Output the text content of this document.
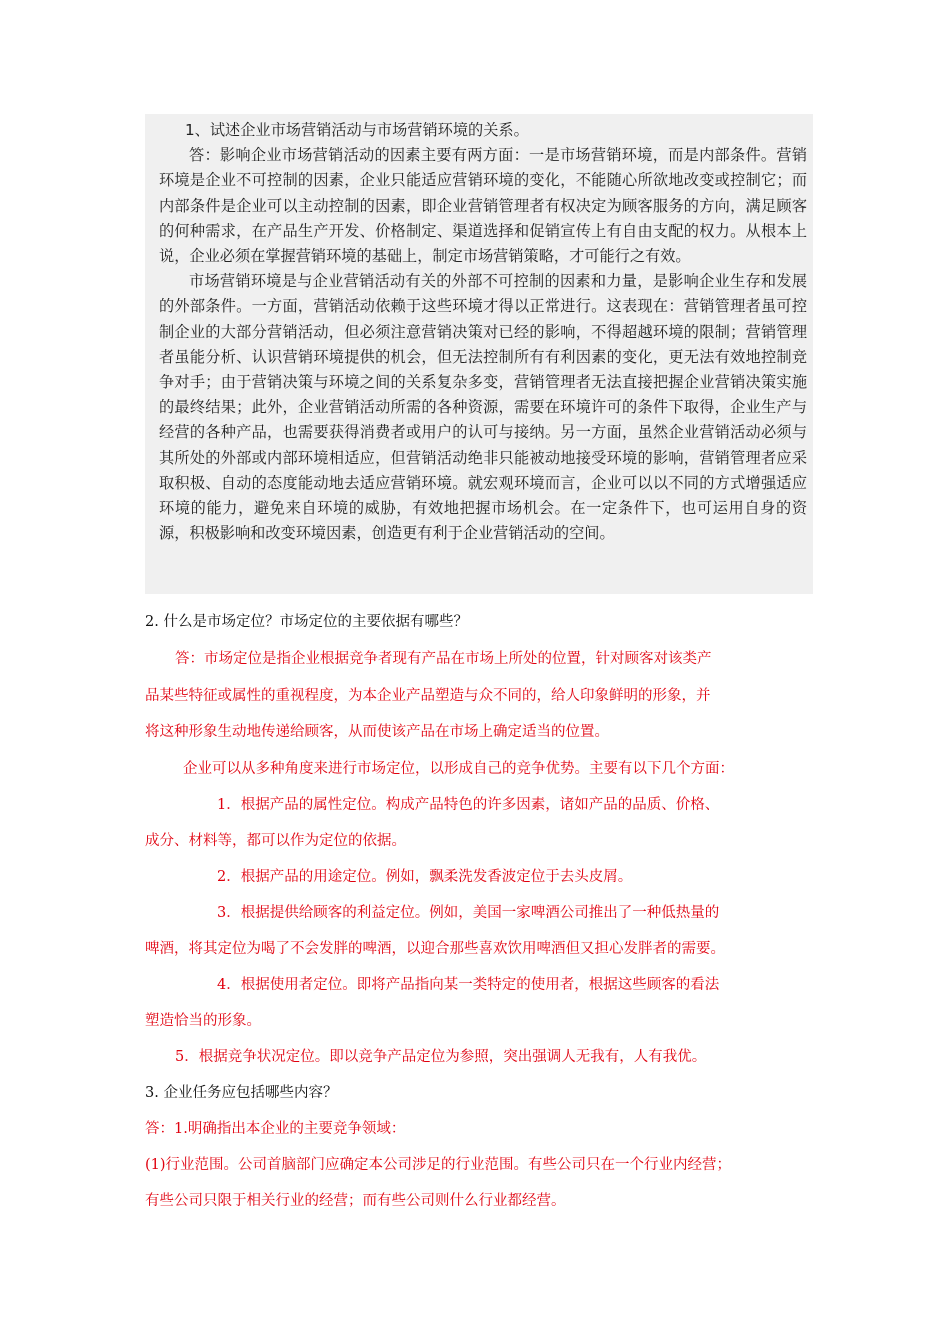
1、试述企业市场营销活动与市场营销环境的关系。

答：影响企业市场营销活动的因素主要有两方面：一是市场营销环境，而是内部条件。营销环境是企业不可控制的因素，企业只能适应营销环境的变化，不能随心所欲地改变或控制它；而内部条件是企业可以主动控制的因素，即企业营销管理者有权决定为顾客服务的方向，满足顾客的何种需求，在产品生产开发、价格制定、渠道选择和促销宣传上有自由支配的权力。从根本上说，企业必须在掌握营销环境的基础上，制定市场营销策略，才可能行之有效。

市场营销环境是与企业营销活动有关的外部不可控制的因素和力量，是影响企业生存和发展的外部条件。一方面，营销活动依赖于这些环境才得以正常进行。这表现在：营销管理者虽可控制企业的大部分营销活动，但必须注意营销决策对已经的影响，不得超越环境的限制；营销管理者虽能分析、认识营销环境提供的机会，但无法控制所有有利因素的变化，更无法有效地控制竞争对手；由于营销决策与环境之间的关系复杂多变，营销管理者无法直接把握企业营销决策实施的最终结果；此外，企业营销活动所需的各种资源，需要在环境许可的条件下取得，企业生产与经营的各种产品，也需要获得消费者或用户的认可与接纳。另一方面，虽然企业营销活动必须与其所处的外部或内部环境相适应，但营销活动绝非只能被动地接受环境的影响，营销管理者应采取积极、自动的态度能动地去适应营销环境。就宏观环境而言，企业可以以不同的方式增强适应环境的能力，避免来自环境的威胁，有效地把握市场机会。在一定条件下，也可运用自身的资源，积极影响和改变环境因素，创造更有利于企业营销活动的空间。

2. 什么是市场定位？市场定位的主要依据有哪些？
答：市场定位是指企业根据竞争者现有产品在市场上所处的位置，针对顾客对该类产
品某些特征或属性的重视程度，为本企业产品塑造与众不同的，给人印象鲜明的形象，并
将这种形象生动地传递给顾客，从而使该产品在市场上确定适当的位置。
企业可以从多种角度来进行市场定位，以形成自己的竞争优势。主要有以下几个方面：
1．根据产品的属性定位。构成产品特色的许多因素，诸如产品的品质、价格、
成分、材料等，都可以作为定位的依据。
2．根据产品的用途定位。例如，飘柔洗发香波定位于去头皮屑。
3．根据提供给顾客的利益定位。例如，美国一家啤酒公司推出了一种低热量的
啤酒，将其定位为喝了不会发胖的啤酒，以迎合那些喜欢饮用啤酒但又担心发胖者的需要。
4．根据使用者定位。即将产品指向某一类特定的使用者，根据这些顾客的看法
塑造恰当的形象。
5．根据竞争状况定位。即以竞争产品定位为参照，突出强调人无我有，人有我优。
3. 企业任务应包括哪些内容？
答：1.明确指出本企业的主要竞争领域：
(1)行业范围。公司首脑部门应确定本公司涉足的行业范围。有些公司只在一个行业内经营；
有些公司只限于相关行业的经营；而有些公司则什么行业都经营。
